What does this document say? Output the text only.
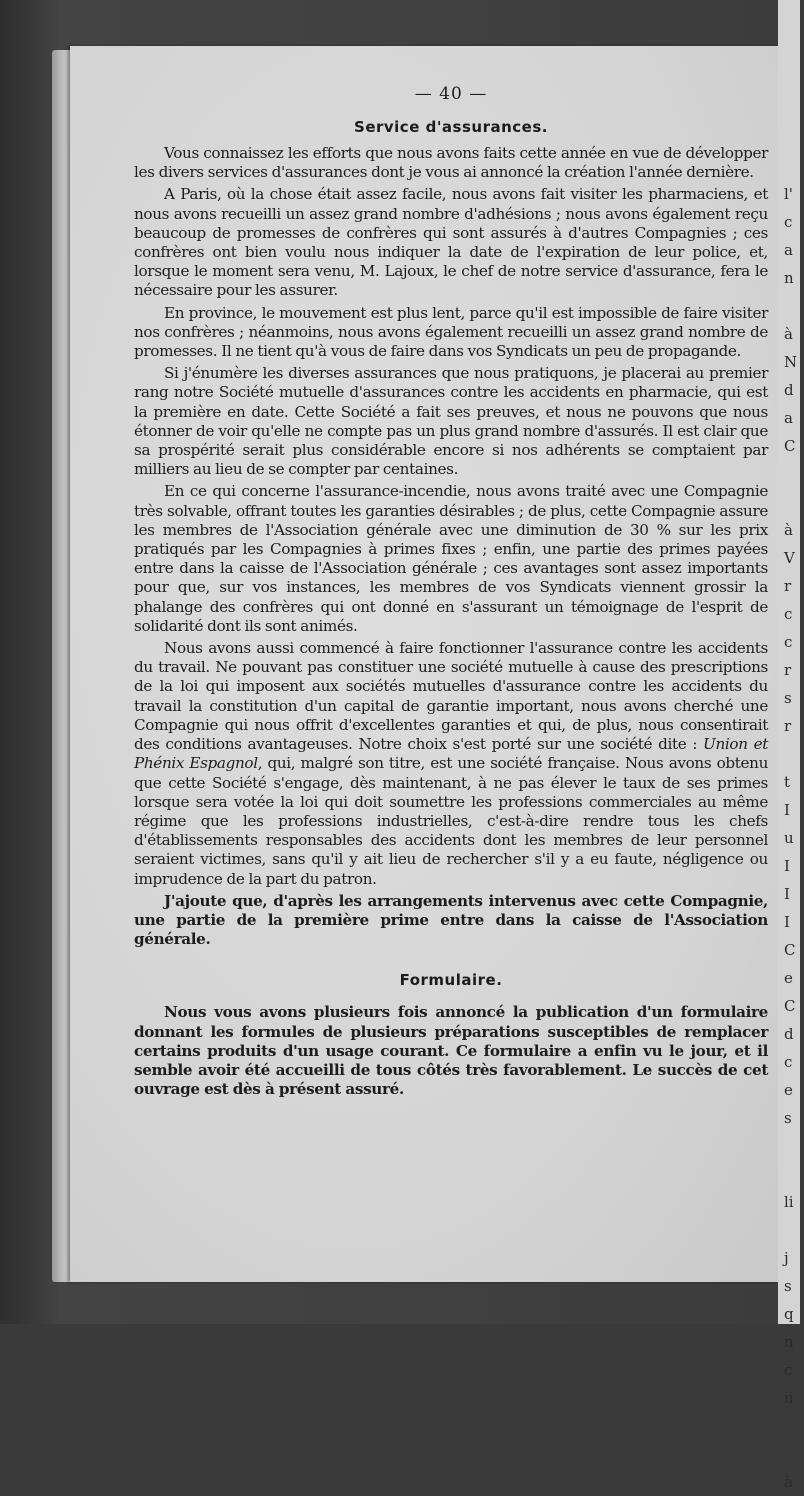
— 40 —
Service d'assurances.

Vous connaissez les efforts que nous avons faits cette année en vue de développer les divers services d'assurances dont je vous ai annoncé la création l'année dernière.

A Paris, où la chose était assez facile, nous avons fait visiter les pharmaciens, et nous avons recueilli un assez grand nombre d'adhésions ; nous avons également reçu beaucoup de promesses de confrères qui sont assurés à d'autres Compagnies ; ces confrères ont bien voulu nous indiquer la date de l'expiration de leur police, et, lorsque le moment sera venu, M. Lajoux, le chef de notre service d'assurance, fera le nécessaire pour les assurer.

En province, le mouvement est plus lent, parce qu'il est impossible de faire visiter nos confrères ; néanmoins, nous avons également recueilli un assez grand nombre de promesses. Il ne tient qu'à vous de faire dans vos Syndicats un peu de propagande.

Si j'énumère les diverses assurances que nous pratiquons, je placerai au premier rang notre Société mutuelle d'assurances contre les accidents en pharmacie, qui est la première en date. Cette Société a fait ses preuves, et nous ne pouvons que nous étonner de voir qu'elle ne compte pas un plus grand nombre d'assurés. Il est clair que sa prospérité serait plus considérable encore si nos adhérents se comptaient par milliers au lieu de se compter par centaines.

En ce qui concerne l'assurance-incendie, nous avons traité avec une Compagnie très solvable, offrant toutes les garanties désirables ; de plus, cette Compagnie assure les membres de l'Association générale avec une diminution de 30 % sur les prix pratiqués par les Compagnies à primes fixes ; enfin, une partie des primes payées entre dans la caisse de l'Association générale ; ces avantages sont assez importants pour que, sur vos instances, les membres de vos Syndicats viennent grossir la phalange des confrères qui ont donné en s'assurant un témoignage de l'esprit de solidarité dont ils sont animés.

Nous avons aussi commencé à faire fonctionner l'assurance contre les accidents du travail. Ne pouvant pas constituer une société mutuelle à cause des prescriptions de la loi qui imposent aux sociétés mutuelles d'assurance contre les accidents du travail la constitution d'un capital de garantie important, nous avons cherché une Compagnie qui nous offrit d'excellentes garanties et qui, de plus, nous consentirait des conditions avantageuses. Notre choix s'est porté sur une société dite : Union et Phénix Espagnol, qui, malgré son titre, est une société française. Nous avons obtenu que cette Société s'engage, dès maintenant, à ne pas élever le taux de ses primes lorsque sera votée la loi qui doit soumettre les professions commerciales au même régime que les professions industrielles, c'est-à-dire rendre tous les chefs d'établissements responsables des accidents dont les membres de leur personnel seraient victimes, sans qu'il y ait lieu de rechercher s'il y a eu faute, négligence ou imprudence de la part du patron.

J'ajoute que, d'après les arrangements intervenus avec cette Compagnie, une partie de la première prime entre dans la caisse de l'Association générale.

Formulaire.

Nous vous avons plusieurs fois annoncé la publication d'un formulaire donnant les formules de plusieurs préparations susceptibles de remplacer certains produits d'un usage courant. Ce formulaire a enfin vu le jour, et il semble avoir été accueilli de tous côtés très favorablement. Le succès de cet ouvrage est dès à présent assuré.

l'
c
a
n

à
N
d
a
C

à
V
r
c
c
r
s
r

t
I
u
I
I
I
C
e
C
d
c
e
s

li

j
s
q
n
c
ii

à
